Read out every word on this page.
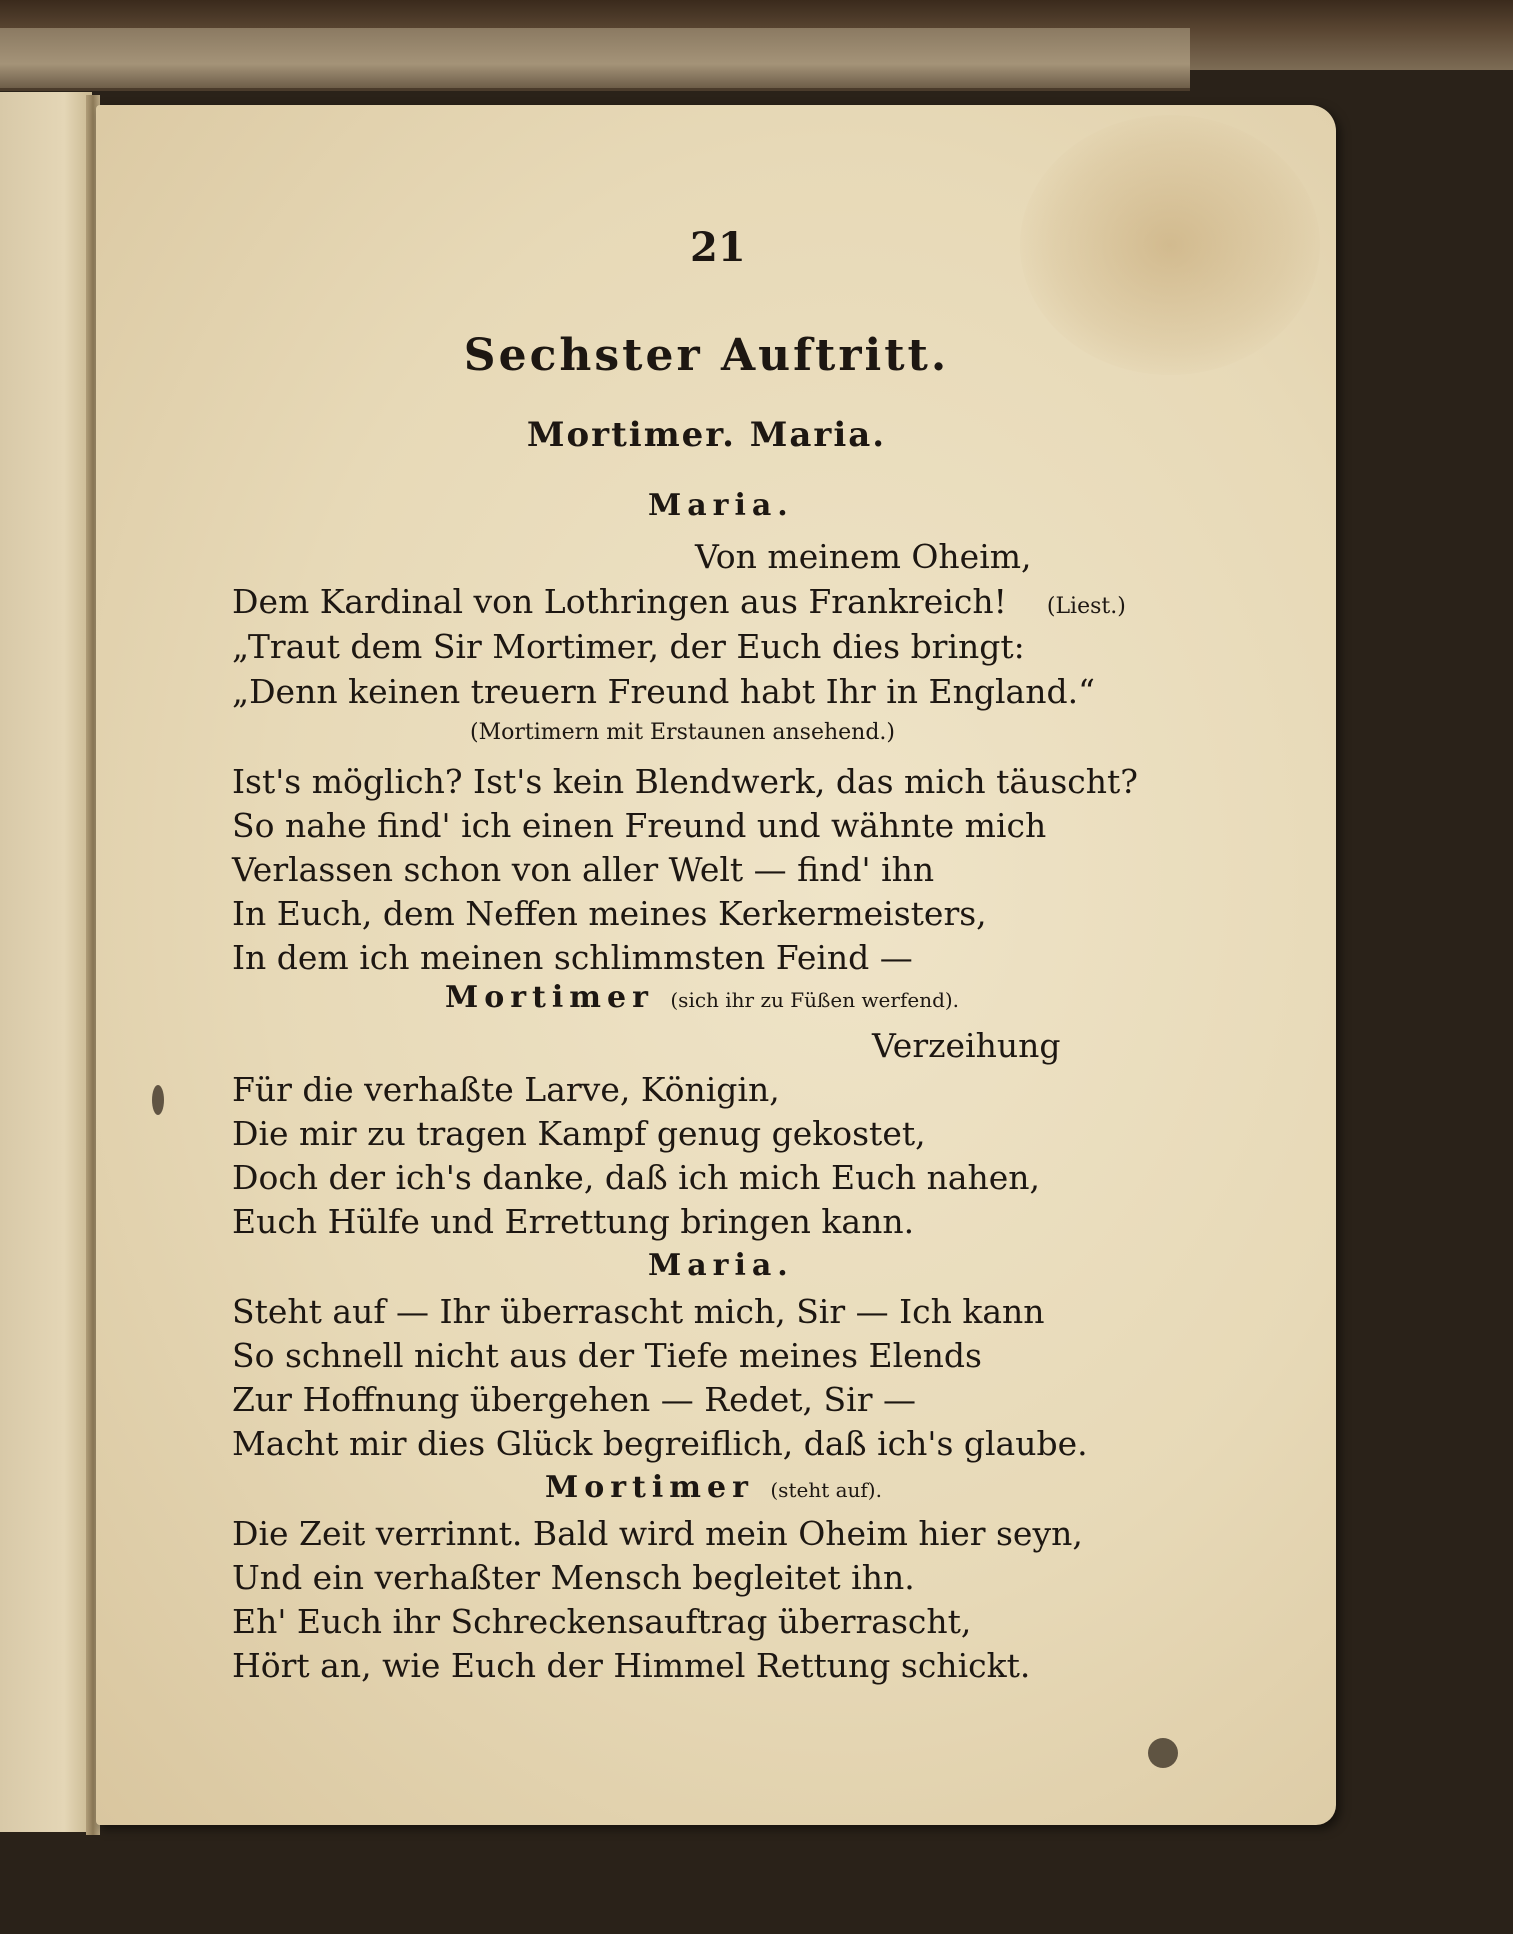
21
Sechster Auftritt.
Mortimer. Maria.
Maria.
Von meinem Oheim,
Dem Kardinal von Lothringen aus Frankreich! (Liest.)
„Traut dem Sir Mortimer, der Euch dies bringt:
„Denn keinen treuern Freund habt Ihr in England.“
(Mortimern mit Erstaunen ansehend.)
Ist's möglich? Ist's kein Blendwerk, das mich täuscht?
So nahe find' ich einen Freund und wähnte mich
Verlassen schon von aller Welt — find' ihn
In Euch, dem Neffen meines Kerkermeisters,
In dem ich meinen schlimmsten Feind —
Mortimer (sich ihr zu Füßen werfend).
Verzeihung
Für die verhaßte Larve, Königin,
Die mir zu tragen Kampf genug gekostet,
Doch der ich's danke, daß ich mich Euch nahen,
Euch Hülfe und Errettung bringen kann.
Maria.
Steht auf — Ihr überrascht mich, Sir — Ich kann
So schnell nicht aus der Tiefe meines Elends
Zur Hoffnung übergehen — Redet, Sir —
Macht mir dies Glück begreiflich, daß ich's glaube.
Mortimer (steht auf).
Die Zeit verrinnt. Bald wird mein Oheim hier seyn,
Und ein verhaßter Mensch begleitet ihn.
Eh' Euch ihr Schreckensauftrag überrascht,
Hört an, wie Euch der Himmel Rettung schickt.
